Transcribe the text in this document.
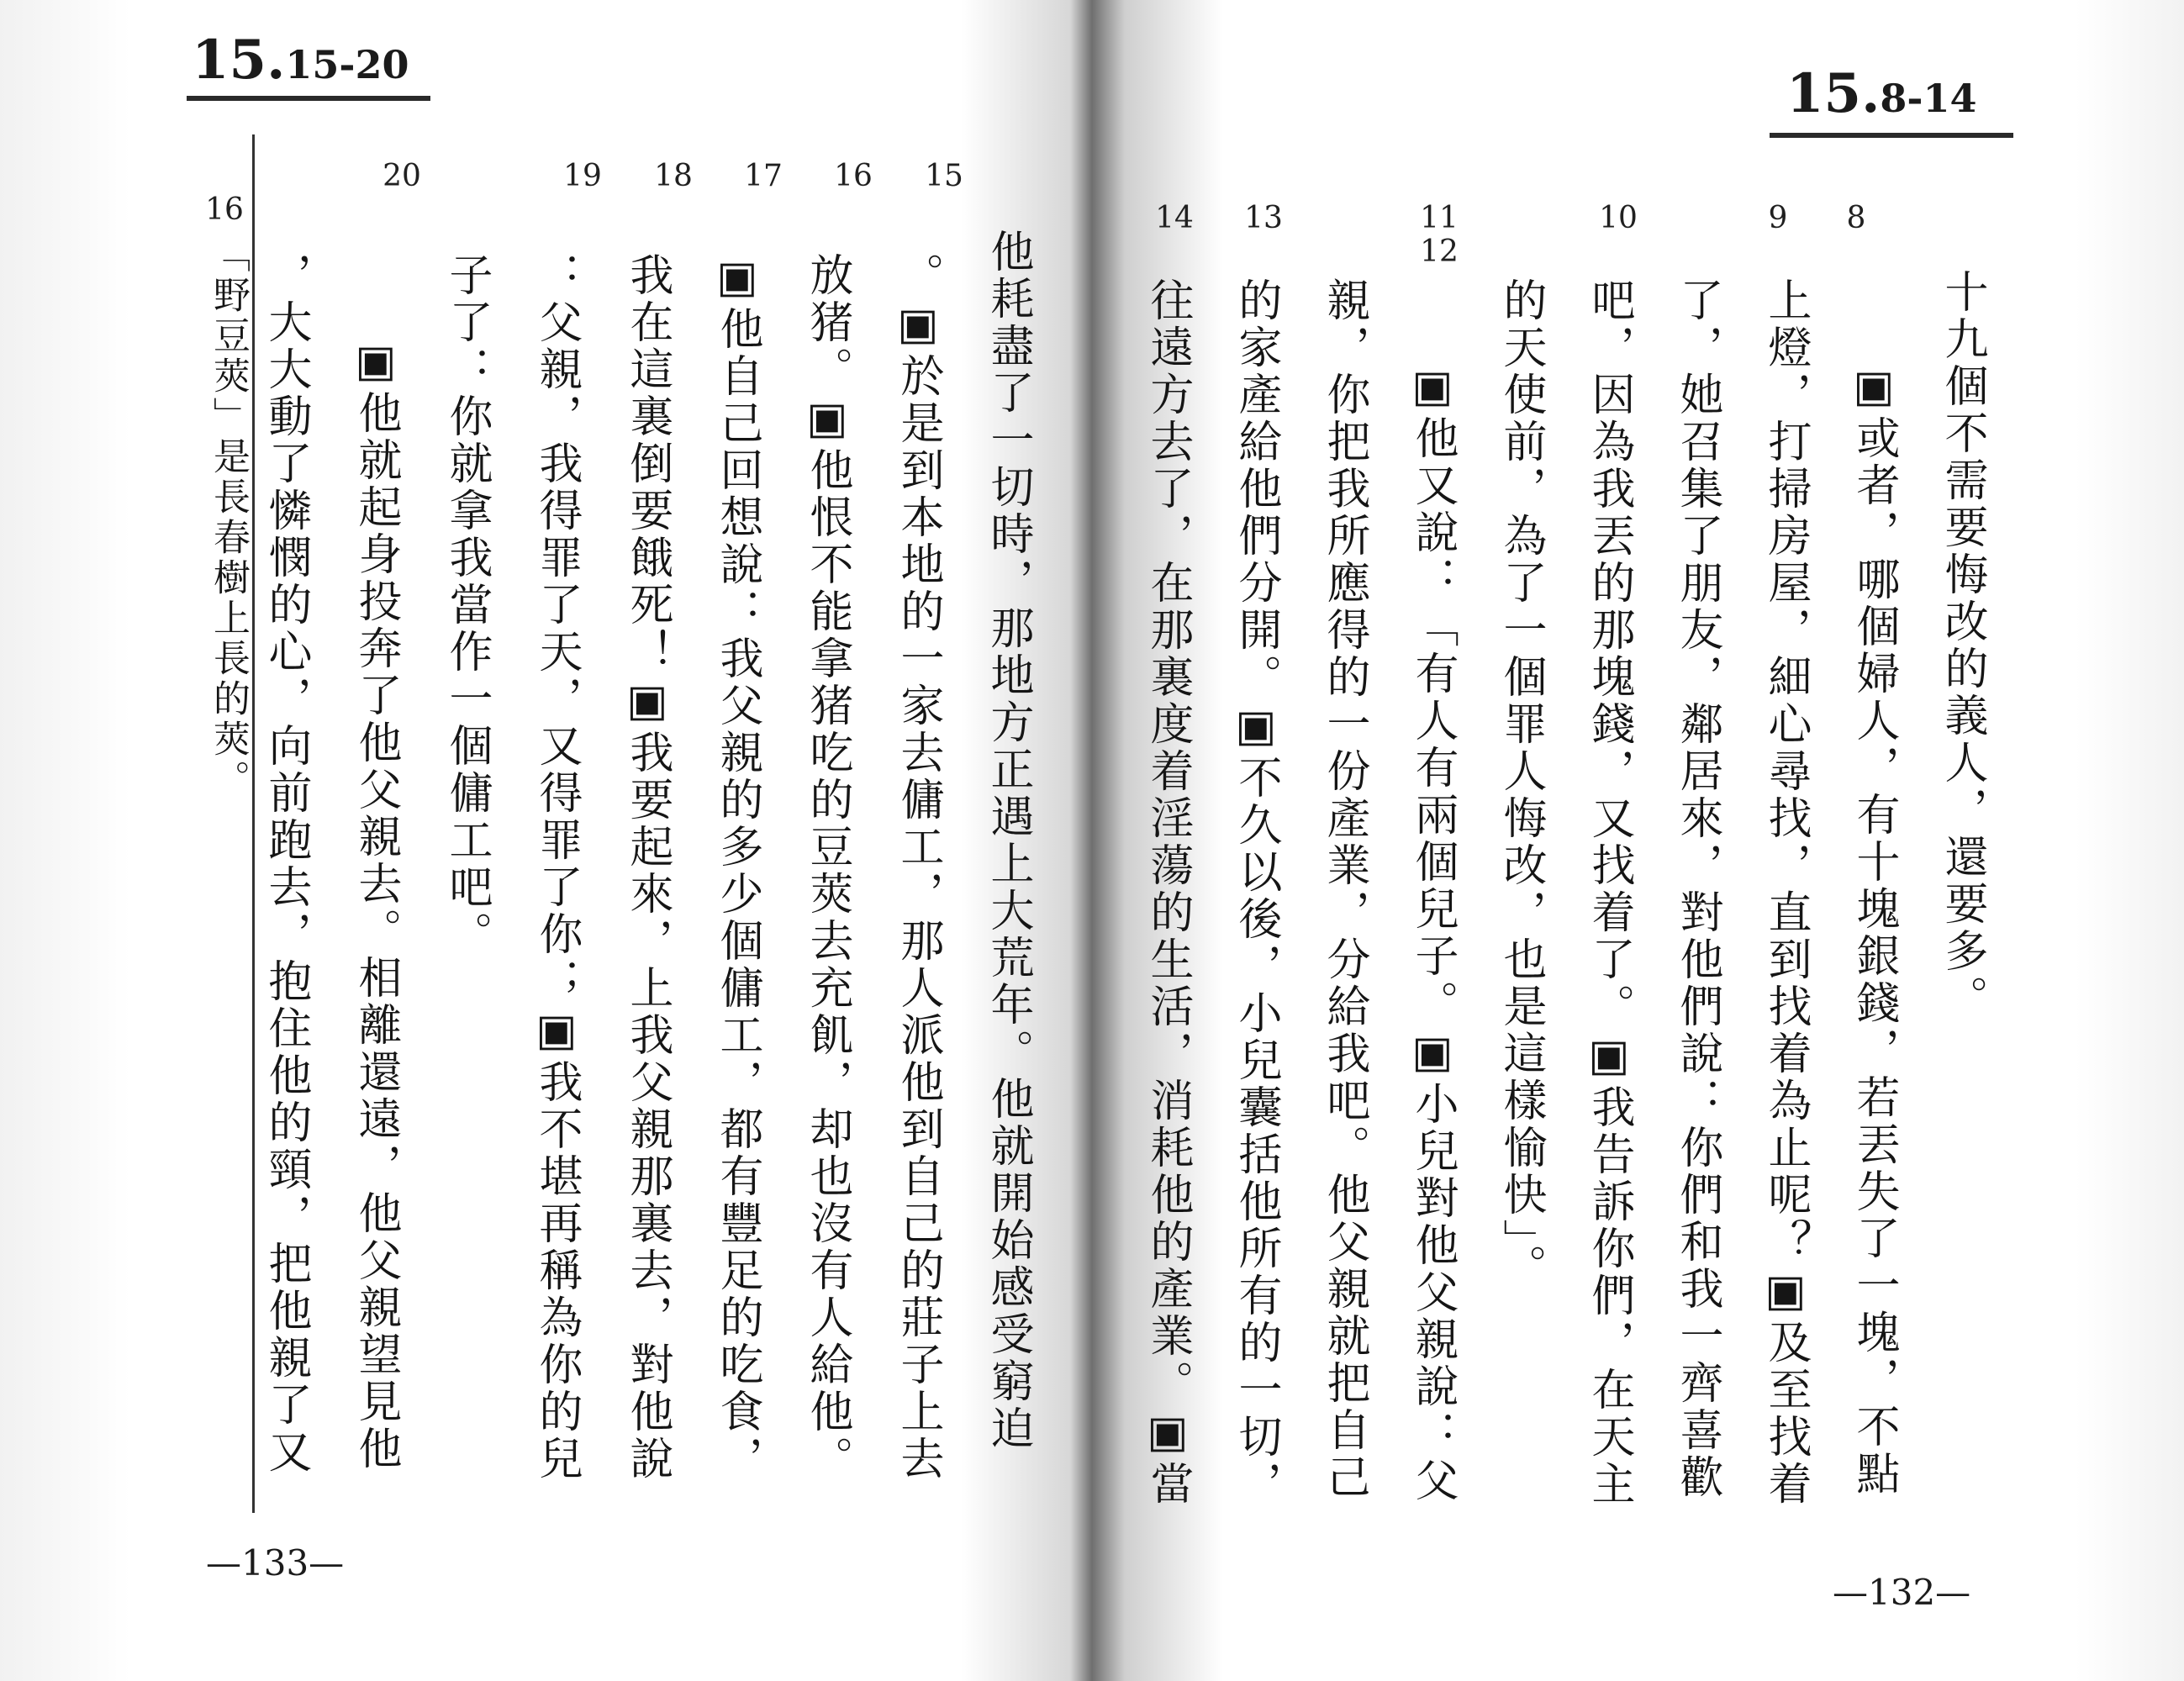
15.15-20
20	19	18	17	16	15
他耗盡了一切時，那地方正遇上大荒年。他就開始感受窮迫
。▣於是到本地的一家去傭工，那人派他到自己的莊子上去
放猪。▣他恨不能拿猪吃的豆莢去充飢，却也沒有人給他。
▣他自己回想說：我父親的多少個傭工，都有豐足的吃食，
我在這裏倒要餓死！▣我要起來，上我父親那裏去，對他說
：父親，我得罪了天，又得罪了你；▣我不堪再稱為你的兒
子了：你就拿我當作一個傭工吧。
▣他就起身投奔了他父親去。相離還遠，他父親望見他
，大大動了憐憫的心，向前跑去，抱住他的頸，把他親了又
16
「野豆莢」是長春樹上長的莢。
—133—
15.8-14
14	13	11
12
10	9	8
十九個不需要悔改的義人，還要多。
▣或者，哪個婦人，有十塊銀錢，若丟失了一塊，不點
上燈，打掃房屋，細心尋找，直到找着為止呢？▣及至找着
了，她召集了朋友，鄰居來，對他們說：你們和我一齊喜歡
吧，因為我丟的那塊錢，又找着了。▣我告訴你們，在天主
的天使前，為了一個罪人悔改，也是這樣愉快」。
▣他又說：「有人有兩個兒子。▣小兒對他父親說：父
親，你把我所應得的一份產業，分給我吧。他父親就把自己
的家產給他們分開。▣不久以後，小兒囊括他所有的一切，
往遠方去了，在那裏度着淫蕩的生活，消耗他的產業。▣當
—132—
